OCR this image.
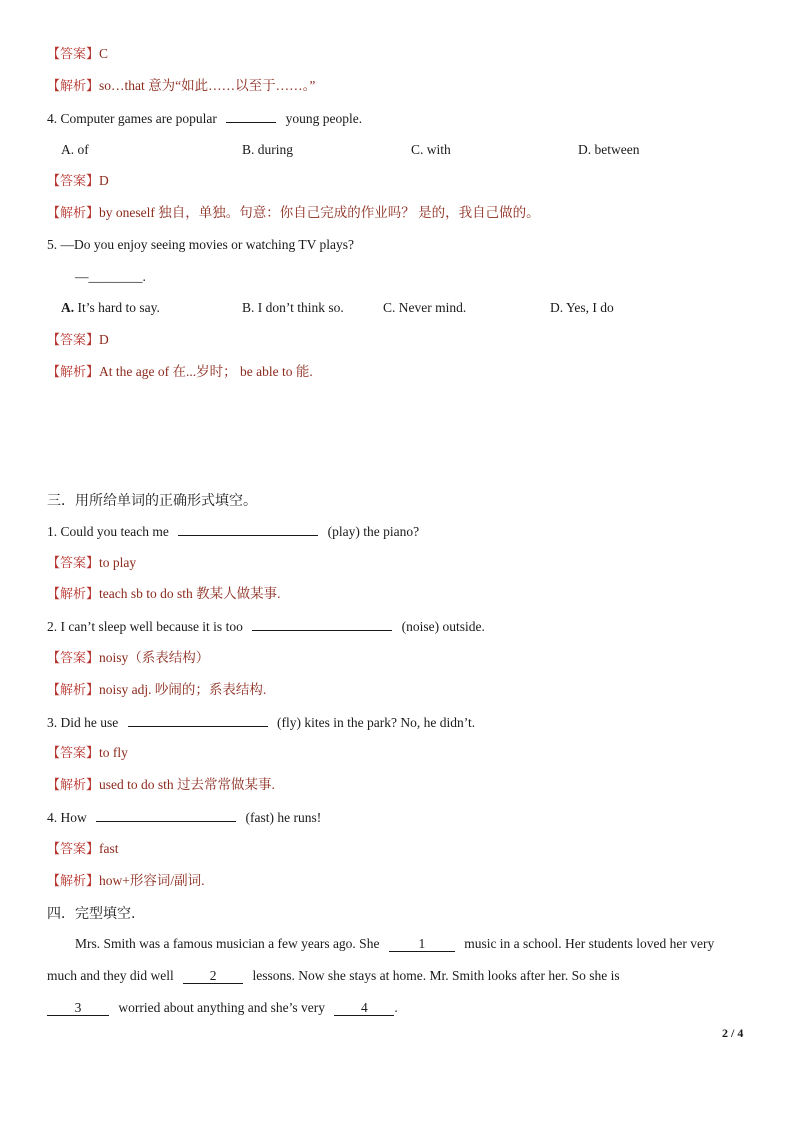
【答案】C
【解析】so…that 意为“如此……以至于……。”
4. Computer games are popular	young people.
A. of	B. during	C. with	D. between
【答案】D
【解析】by oneself 独自，单独。句意：你自己完成的作业吗？ 是的，我自己做的。
5. —Do you enjoy seeing movies or watching TV plays?
—________.
A. It’s hard to say.	B. I don’t think so.	C. Never mind.	D. Yes, I do
【答案】D
【解析】At the age of 在...岁时； be able to 能.
三．用所给单词的正确形式填空。
1. Could you teach me	(play) the piano?
【答案】to play
【解析】teach sb to do sth 教某人做某事.
2. I can’t sleep well because it is too	(noise) outside.
【答案】noisy（系表结构）
【解析】noisy adj. 吵闹的；系表结构.
3. Did he use	(fly) kites in the park? No, he didn’t.
【答案】to fly
【解析】used to do sth 过去常常做某事.
4. How	(fast) he runs!
【答案】fast
【解析】how+形容词/副词.
四．完型填空.
Mrs. Smith was a famous musician a few years ago. She	1	music in a school. Her students loved her very
much and they did well	2	lessons. Now she stays at home. Mr. Smith looks after her. So she is
3	worried about anything and she’s very	4 .
2 / 4
